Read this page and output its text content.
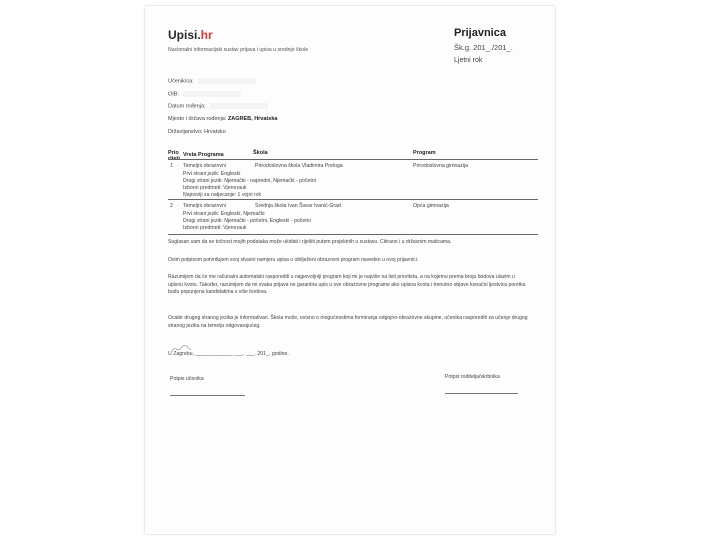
Upisi.hr
Nacionalni informacijski sustav prijava i upisa u srednje škole
Prijavnica
Šk.g. 201_./201_.
Ljetni rok
Učenik/ca:
OIB:
Datum rođenja:
Mjesto i država rođenja: ZAGREB, Hrvatska
Državljanstvo: Hrvatsko
Prio riteti
Vrsta Programa	Škola	Program
1 Temeljni obrazovni	Prirodoslovna škola Vladimira Preloga	Prirodoslovna gimnazija
Prvi strani jezik: Engleski
Drugi strani jezik: Njemački - napredni, Njemački - početni
Izborni predmeti: Vjeronauk
Najnoviji za natjecanje: 1 vojni rok
2 Temeljni obrazovni	Srednja škola Ivan Švear Ivanić-Grad	Opća gimnazija
Prvi strani jezik: Engleski, Njemački
Drugi strani jezik: Njemački - početni, Engleski - početni
Izborni predmeti: Vjeronauk
Suglasan sam da se točnost mojih podataka može ukidati i riješiti putem projektnih u sustavu. Citirano i u državnim maticama.
Ovim potpisom potvrđujem svoj stvarni namjeru upisa u obilježeni obrazovni program naveden u ovoj prijavnici.
Razumijem da će me računalni automatski rasporediti u najpovoljniji program koji mi je najviše na listi prioriteta, a na kojemu prema broju bodova ulazim u upisnu kvotu. Također, razumijem da mi svaka prijava ne garantira upis u sve obrazovne programe ako upisna kvota i trenutno objave konačni ljestvica poretka budu popunjena kandidatima s više bodova.
Ocabir drugog stranog jezika je informativan. Škola može, ovisno o mogućnostima formiranja odgojno-obrazovne skupine, učenika rasporediti za učenje drugog stranog jezika na temelju odgovarajućeg.
U Zagrebu, _____________ ___. ___. 201_. godine.
Potpis učenika	Potpis roditelja/skrbnika
